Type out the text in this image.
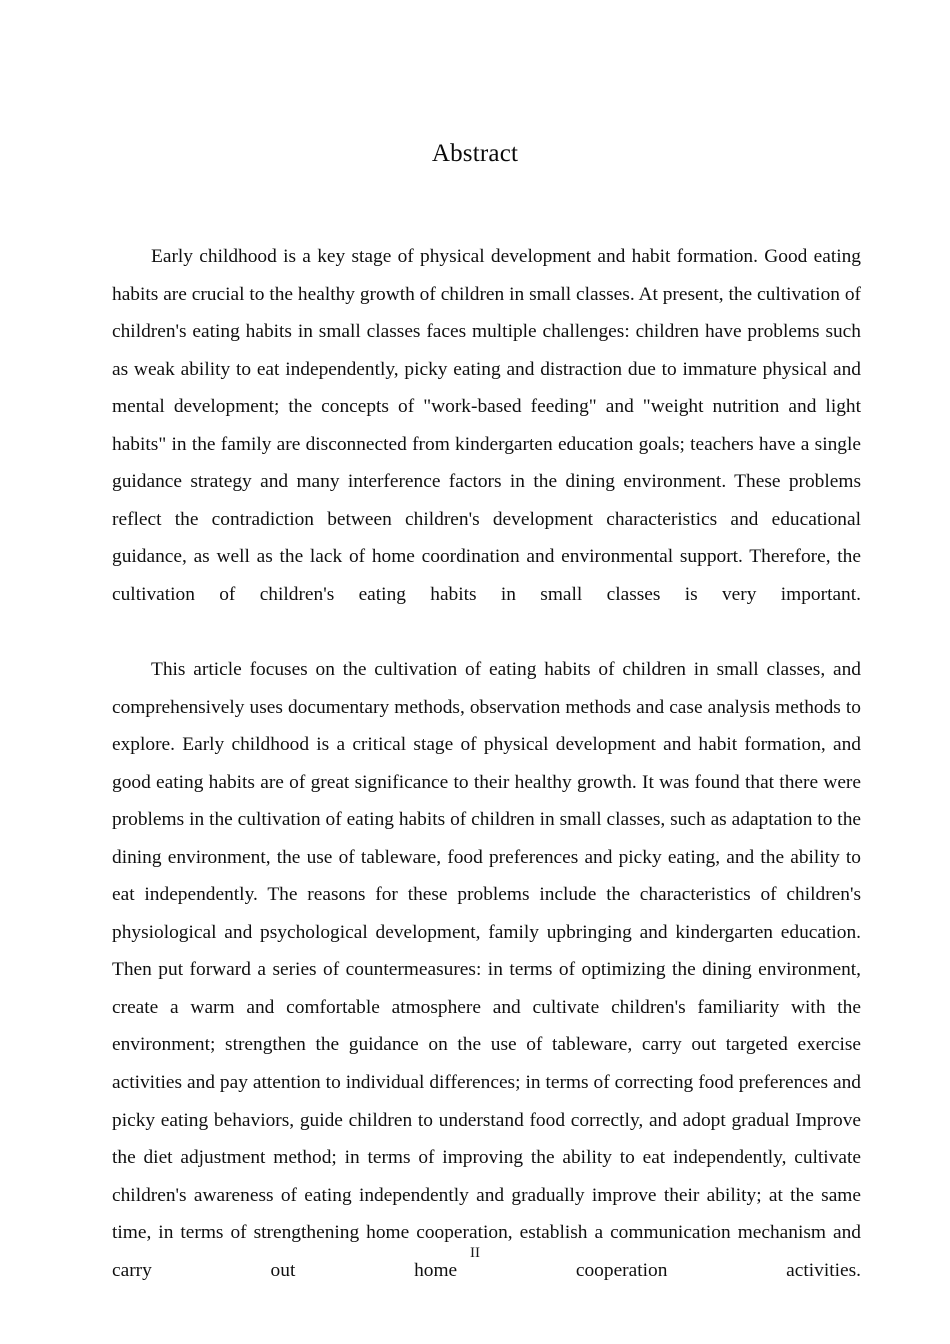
Abstract

Early childhood is a key stage of physical development and habit formation. Good eating habits are crucial to the healthy growth of children in small classes. At present, the cultivation of children's eating habits in small classes faces multiple challenges: children have problems such as weak ability to eat independently, picky eating and distraction due to immature physical and mental development; the concepts of "work-based feeding" and "weight nutrition and light habits" in the family are disconnected from kindergarten education goals; teachers have a single guidance strategy and many interference factors in the dining environment. These problems reflect the contradiction between children's development characteristics and educational guidance, as well as the lack of home coordination and environmental support. Therefore, the cultivation of children's eating habits in small classes is very important.

This article focuses on the cultivation of eating habits of children in small classes, and comprehensively uses documentary methods, observation methods and case analysis methods to explore. Early childhood is a critical stage of physical development and habit formation, and good eating habits are of great significance to their healthy growth. It was found that there were problems in the cultivation of eating habits of children in small classes, such as adaptation to the dining environment, the use of tableware, food preferences and picky eating, and the ability to eat independently. The reasons for these problems include the characteristics of children's physiological and psychological development, family upbringing and kindergarten education. Then put forward a series of countermeasures: in terms of optimizing the dining environment, create a warm and comfortable atmosphere and cultivate children's familiarity with the environment; strengthen the guidance on the use of tableware, carry out targeted exercise activities and pay attention to individual differences; in terms of correcting food preferences and picky eating behaviors, guide children to understand food correctly, and adopt gradual Improve the diet adjustment method; in terms of improving the ability to eat independently, cultivate children's awareness of eating independently and gradually improve their ability; at the same time, in terms of strengthening home cooperation, establish a communication mechanism and carry out home cooperation activities.

II
